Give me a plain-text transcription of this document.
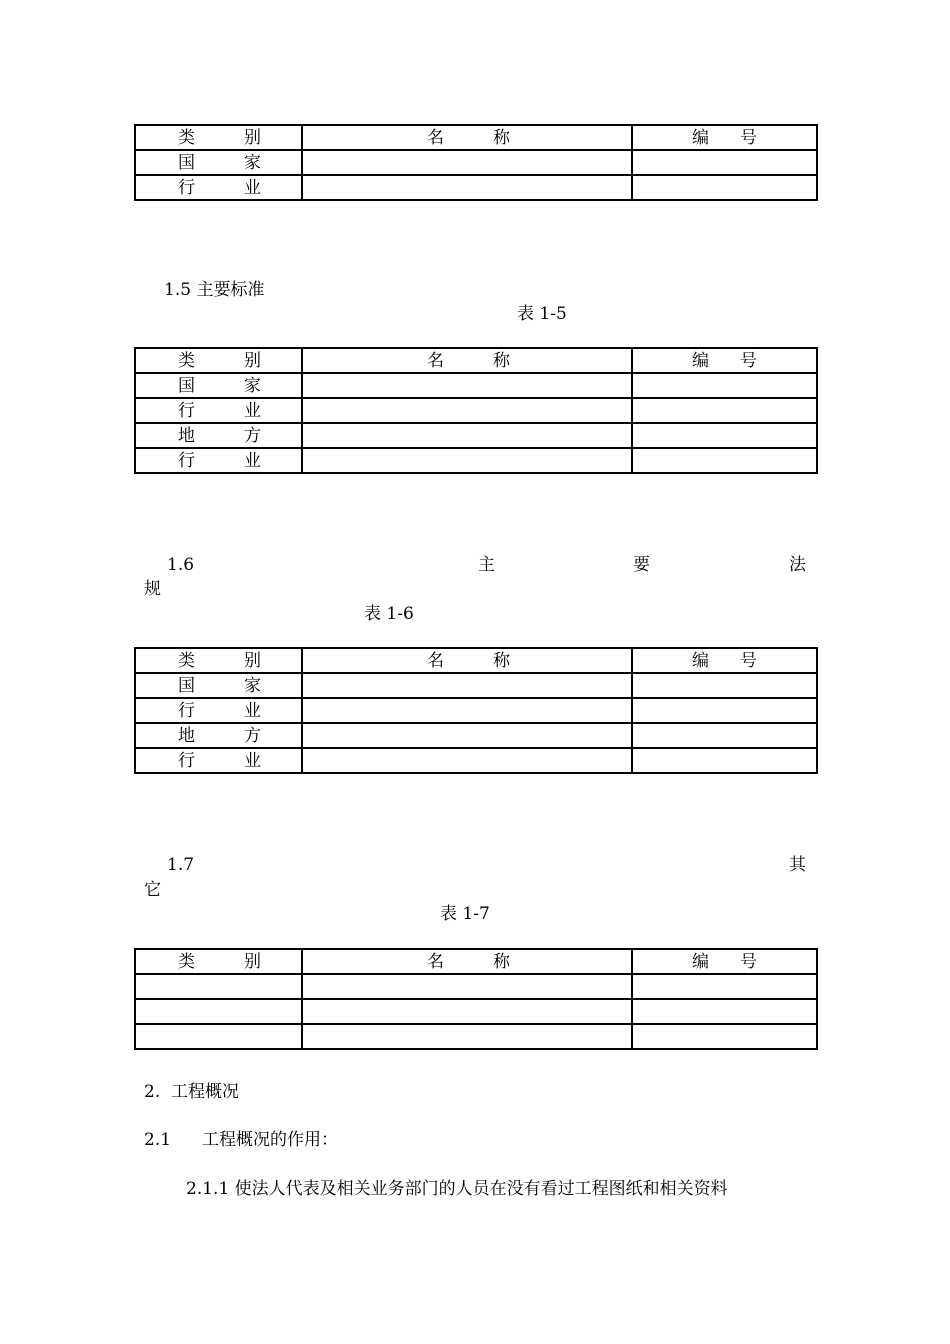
类 别	名 称	编 号

国 家		

行 业		

1.5 主要标准
表 1-5
类 别	名 称	编 号

国 家		

行 业		

地 方		

行 业		

1.6	主	要	法
规
表 1-6
类 别	名 称	编 号

国 家		

行 业		

地 方		

行 业		

1.7	其
它
表 1-7
类 别	名 称	编 号

2.  工程概况
2.1 工程概况的作用：
2.1.1 使法人代表及相关业务部门的人员在没有看过工程图纸和相关资料
